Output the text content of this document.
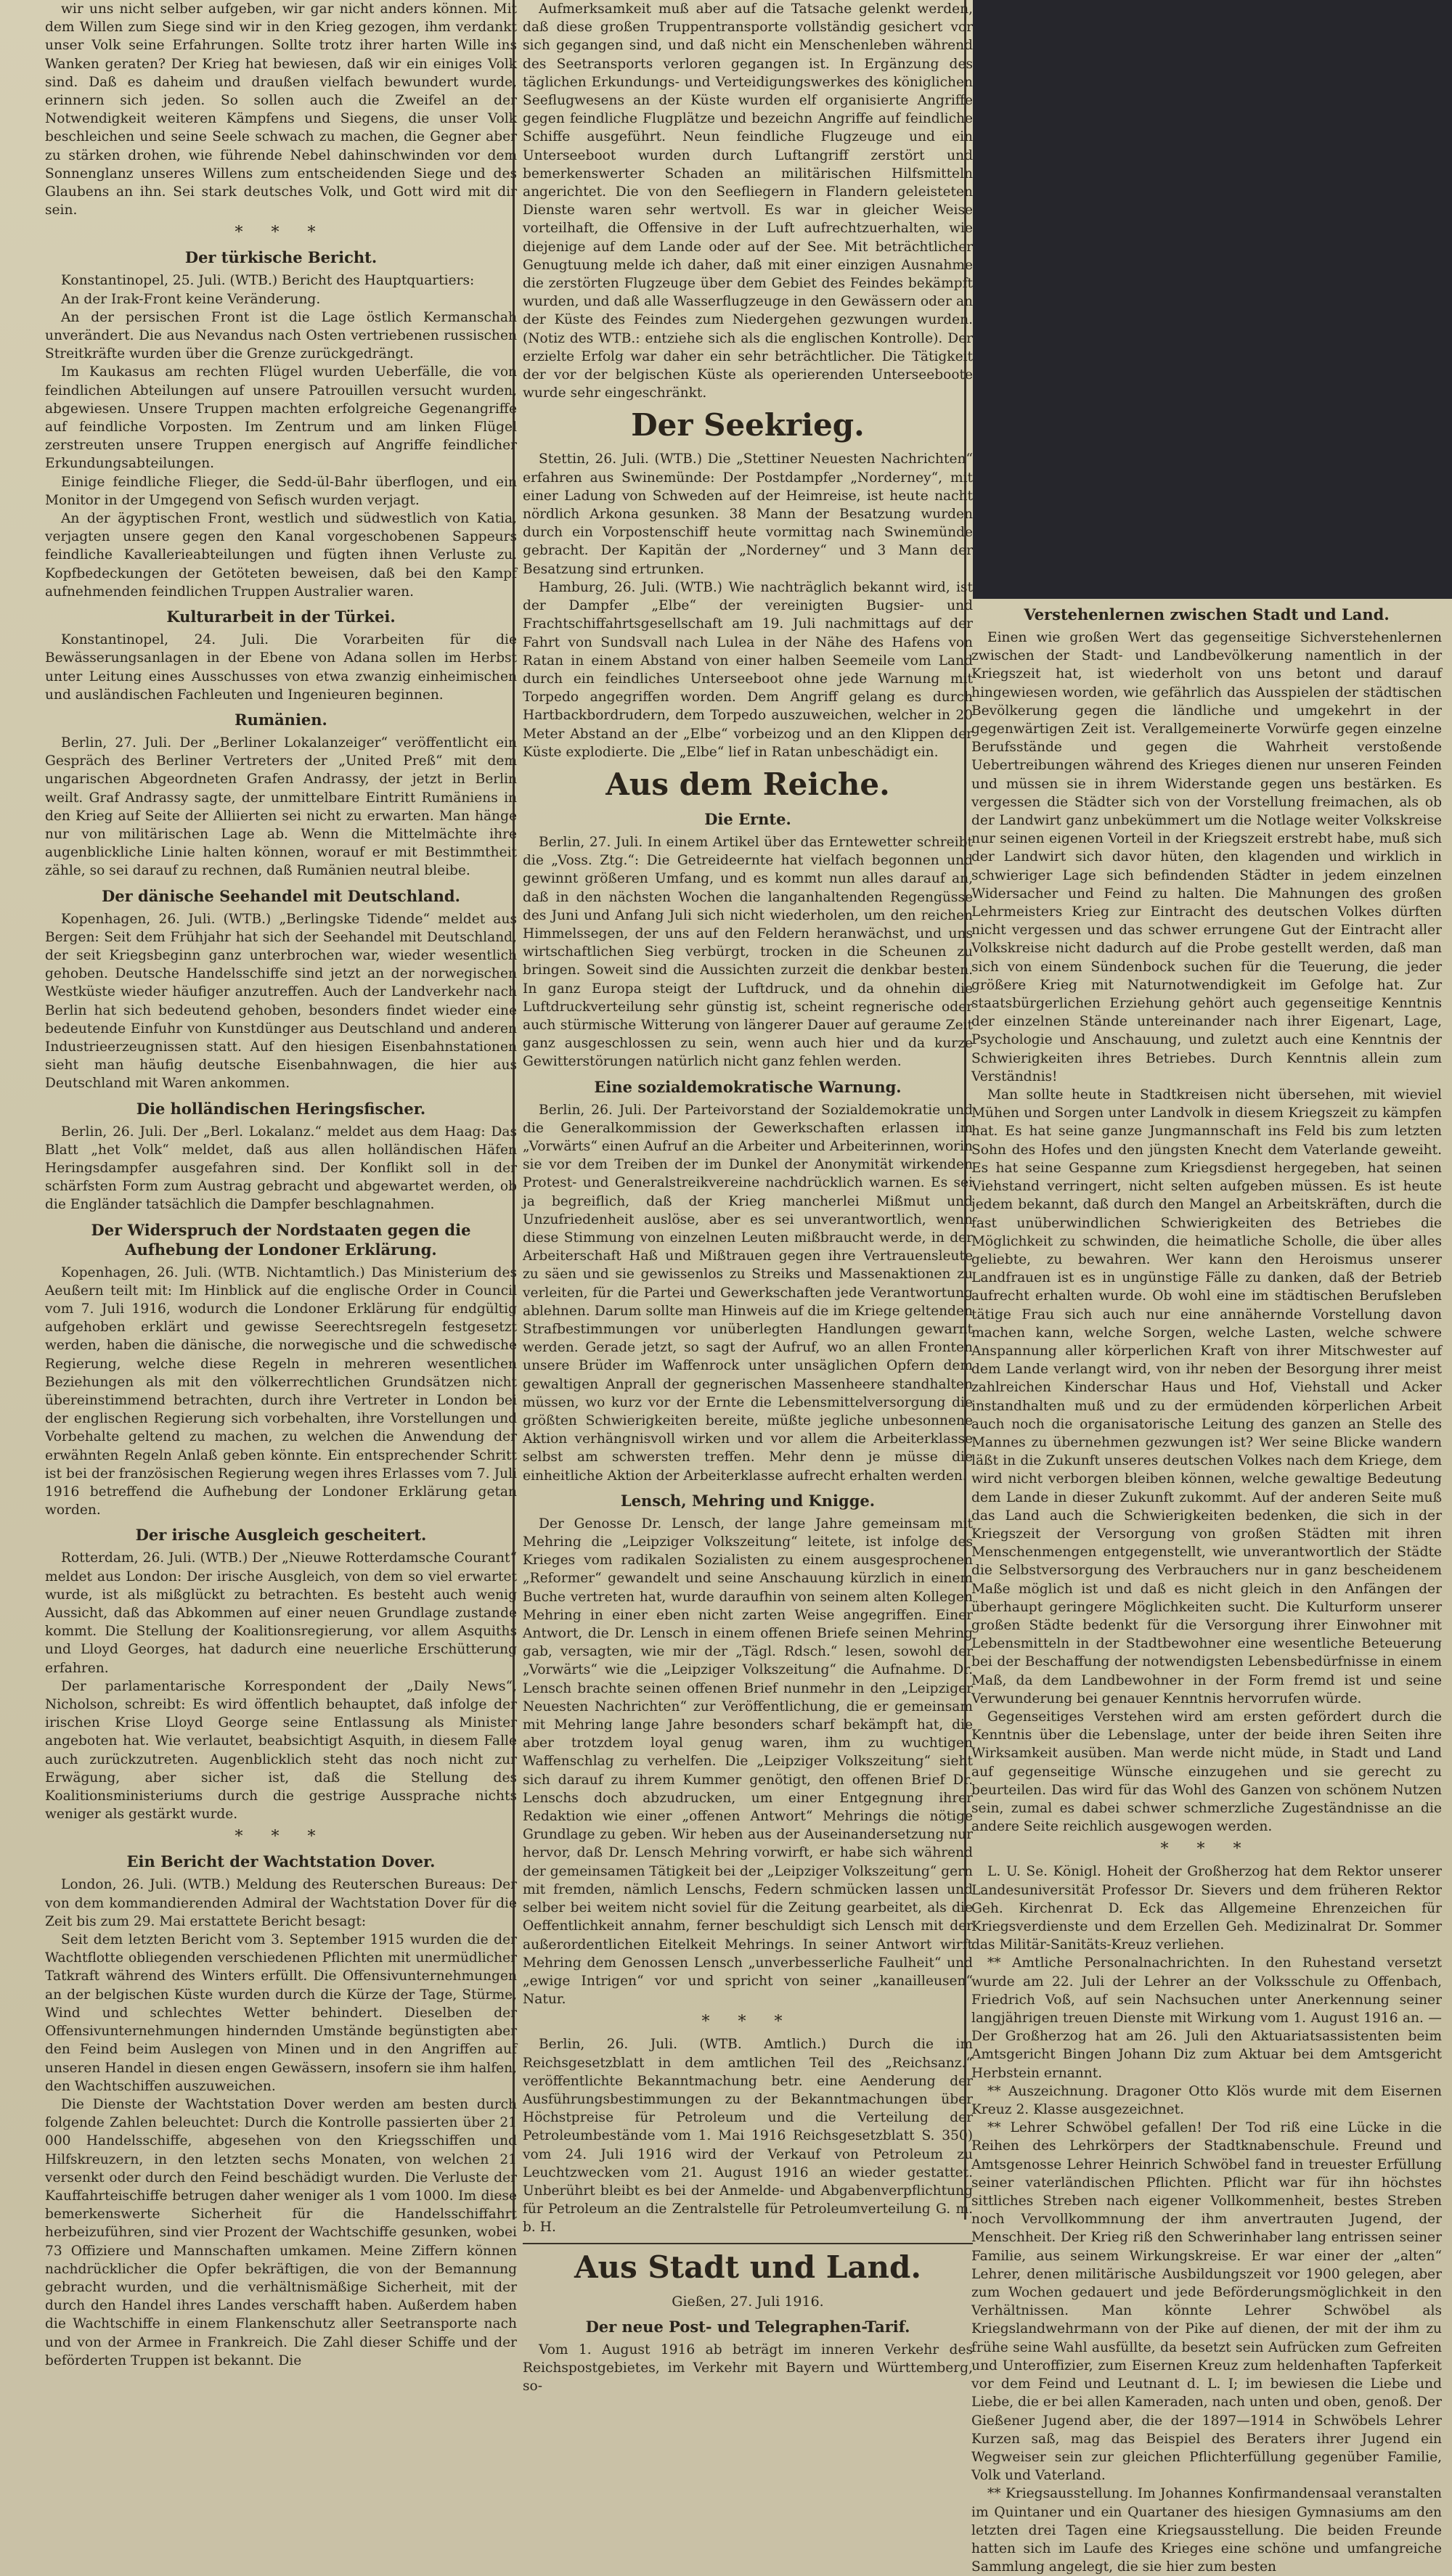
wir uns nicht selber aufgeben, wir gar nicht anders können. Mit dem Willen zum Siege sind wir in den Krieg gezogen, ihm verdankt unser Volk seine Erfahrungen. Sollte trotz ihrer harten Wille ins Wanken geraten? Der Krieg hat bewiesen, daß wir ein einiges Volk sind. Daß es daheim und draußen vielfach bewundert wurde, erinnern sich jeden. So sollen auch die Zweifel an der Notwendigkeit weiteren Kämpfens und Siegens, die unser Volk beschleichen und seine Seele schwach zu machen, die Gegner aber zu stärken drohen, wie führende Nebel dahinschwinden vor dem Sonnenglanz unseres Willens zum entscheidenden Siege und des Glaubens an ihn. Sei stark deutsches Volk, und Gott wird mit dir sein.
* * *
Der türkische Bericht.
Konstantinopel, 25. Juli. (WTB.) Bericht des Hauptquartiers:
An der Irak-Front keine Veränderung.
An der persischen Front ist die Lage östlich Kermanschah unverändert. Die aus Nevandus nach Osten vertriebenen russischen Streitkräfte wurden über die Grenze zurückgedrängt.
Im Kaukasus am rechten Flügel wurden Ueberfälle, die von feindlichen Abteilungen auf unsere Patrouillen versucht wurden, abgewiesen. Unsere Truppen machten erfolgreiche Gegenangriffe auf feindliche Vorposten. Im Zentrum und am linken Flügel zerstreuten unsere Truppen energisch auf Angriffe feindlicher Erkundungsabteilungen.
Einige feindliche Flieger, die Sedd-ül-Bahr überflogen, und ein Monitor in der Umgegend von Sefisch wurden verjagt.
An der ägyptischen Front, westlich und südwestlich von Katia, verjagten unsere gegen den Kanal vorgeschobenen Sappeurs feindliche Kavallerieabteilungen und fügten ihnen Verluste zu. Kopfbedeckungen der Getöteten beweisen, daß bei den Kampf aufnehmenden feindlichen Truppen Australier waren.
Kulturarbeit in der Türkei.
Konstantinopel, 24. Juli. Die Vorarbeiten für die Bewässerungsanlagen in der Ebene von Adana sollen im Herbst unter Leitung eines Ausschusses von etwa zwanzig einheimischen und ausländischen Fachleuten und Ingenieuren beginnen.
Rumänien.
Berlin, 27. Juli. Der „Berliner Lokalanzeiger“ veröffentlicht ein Gespräch des Berliner Vertreters der „United Preß“ mit dem ungarischen Abgeordneten Grafen Andrassy, der jetzt in Berlin weilt. Graf Andrassy sagte, der unmittelbare Eintritt Rumäniens in den Krieg auf Seite der Alliierten sei nicht zu erwarten. Man hänge nur von militärischen Lage ab. Wenn die Mittelmächte ihre augenblickliche Linie halten können, worauf er mit Bestimmtheit zähle, so sei darauf zu rechnen, daß Rumänien neutral bleibe.
Der dänische Seehandel mit Deutschland.
Kopenhagen, 26. Juli. (WTB.) „Berlingske Tidende“ meldet aus Bergen: Seit dem Frühjahr hat sich der Seehandel mit Deutschland, der seit Kriegsbeginn ganz unterbrochen war, wieder wesentlich gehoben. Deutsche Handelsschiffe sind jetzt an der norwegischen Westküste wieder häufiger anzutreffen. Auch der Landverkehr nach Berlin hat sich bedeutend gehoben, besonders findet wieder eine bedeutende Einfuhr von Kunstdünger aus Deutschland und anderen Industrieerzeugnissen statt. Auf den hiesigen Eisenbahnstationen sieht man häufig deutsche Eisenbahnwagen, die hier aus Deutschland mit Waren ankommen.
Die holländischen Heringsfischer.
Berlin, 26. Juli. Der „Berl. Lokalanz.“ meldet aus dem Haag: Das Blatt „het Volk“ meldet, daß aus allen holländischen Häfen Heringsdampfer ausgefahren sind. Der Konflikt soll in der schärfsten Form zum Austrag gebracht und abgewartet werden, ob die Engländer tatsächlich die Dampfer beschlagnahmen.
Der Widerspruch der Nordstaaten gegen die Aufhebung der Londoner Erklärung.
Kopenhagen, 26. Juli. (WTB. Nichtamtlich.) Das Ministerium des Aeußern teilt mit: Im Hinblick auf die englische Order in Council vom 7. Juli 1916, wodurch die Londoner Erklärung für endgültig aufgehoben erklärt und gewisse Seerechtsregeln festgesetzt werden, haben die dänische, die norwegische und die schwedische Regierung, welche diese Regeln in mehreren wesentlichen Beziehungen als mit den völkerrechtlichen Grundsätzen nicht übereinstimmend betrachten, durch ihre Vertreter in London bei der englischen Regierung sich vorbehalten, ihre Vorstellungen und Vorbehalte geltend zu machen, zu welchen die Anwendung der erwähnten Regeln Anlaß geben könnte. Ein entsprechender Schritt ist bei der französischen Regierung wegen ihres Erlasses vom 7. Juli 1916 betreffend die Aufhebung der Londoner Erklärung getan worden.
Der irische Ausgleich gescheitert.
Rotterdam, 26. Juli. (WTB.) Der „Nieuwe Rotterdamsche Courant“ meldet aus London: Der irische Ausgleich, von dem so viel erwartet wurde, ist als mißglückt zu betrachten. Es besteht auch wenig Aussicht, daß das Abkommen auf einer neuen Grundlage zustande kommt. Die Stellung der Koalitionsregierung, vor allem Asquiths und Lloyd Georges, hat dadurch eine neuerliche Erschütterung erfahren.
Der parlamentarische Korrespondent der „Daily News“, Nicholson, schreibt: Es wird öffentlich behauptet, daß infolge der irischen Krise Lloyd George seine Entlassung als Minister angeboten hat. Wie verlautet, beabsichtigt Asquith, in diesem Falle auch zurückzutreten. Augenblicklich steht das noch nicht zur Erwägung, aber sicher ist, daß die Stellung des Koalitionsministeriums durch die gestrige Aussprache nichts weniger als gestärkt wurde.
* * *
Ein Bericht der Wachtstation Dover.
London, 26. Juli. (WTB.) Meldung des Reuterschen Bureaus: Der von dem kommandierenden Admiral der Wachtstation Dover für die Zeit bis zum 29. Mai erstattete Bericht besagt:
Seit dem letzten Bericht vom 3. September 1915 wurden die der Wachtflotte obliegenden verschiedenen Pflichten mit unermüdlicher Tatkraft während des Winters erfüllt. Die Offensivunternehmungen an der belgischen Küste wurden durch die Kürze der Tage, Stürme, Wind und schlechtes Wetter behindert. Dieselben der Offensivunternehmungen hindernden Umstände begünstigten aber den Feind beim Auslegen von Minen und in den Angriffen auf unseren Handel in diesen engen Gewässern, insofern sie ihm halfen, den Wachtschiffen auszuweichen.
Die Dienste der Wachtstation Dover werden am besten durch folgende Zahlen beleuchtet: Durch die Kontrolle passierten über 21 000 Handelsschiffe, abgesehen von den Kriegsschiffen und Hilfskreuzern, in den letzten sechs Monaten, von welchen 21 versenkt oder durch den Feind beschädigt wurden. Die Verluste der Kauffahrteischiffe betrugen daher weniger als 1 vom 1000. Im diese bemerkenswerte Sicherheit für die Handelsschiffahrt herbeizuführen, sind vier Prozent der Wachtschiffe gesunken, wobei 73 Offiziere und Mannschaften umkamen. Meine Ziffern können nachdrücklicher die Opfer bekräftigen, die von der Bemannung gebracht wurden, und die verhältnismäßige Sicherheit, mit der durch den Handel ihres Landes verschafft haben. Außerdem haben die Wachtschiffe in einem Flankenschutz aller Seetransporte nach und von der Armee in Frankreich. Die Zahl dieser Schiffe und der beförderten Truppen ist bekannt. Die
Aufmerksamkeit muß aber auf die Tatsache gelenkt werden, daß diese großen Truppentransporte vollständig gesichert vor sich gegangen sind, und daß nicht ein Menschenleben während des Seetransports verloren gegangen ist. In Ergänzung des täglichen Erkundungs- und Verteidigungswerkes des königlichen Seeflugwesens an der Küste wurden elf organisierte Angriffe gegen feindliche Flugplätze und bezeichn Angriffe auf feindliche Schiffe ausgeführt. Neun feindliche Flugzeuge und ein Unterseeboot wurden durch Luftangriff zerstört und bemerkenswerter Schaden an militärischen Hilfsmitteln angerichtet. Die von den Seefliegern in Flandern geleisteten Dienste waren sehr wertvoll. Es war in gleicher Weise vorteilhaft, die Offensive in der Luft aufrechtzuerhalten, wie diejenige auf dem Lande oder auf der See. Mit beträchtlicher Genugtuung melde ich daher, daß mit einer einzigen Ausnahme die zerstörten Flugzeuge über dem Gebiet des Feindes bekämpft wurden, und daß alle Wasserflugzeuge in den Gewässern oder an der Küste des Feindes zum Niedergehen gezwungen wurden. (Notiz des WTB.: entziehe sich als die englischen Kontrolle). Der erzielte Erfolg war daher ein sehr beträchtlicher. Die Tätigkeit der vor der belgischen Küste als operierenden Unterseeboote wurde sehr eingeschränkt.
Der Seekrieg.
Stettin, 26. Juli. (WTB.) Die „Stettiner Neuesten Nachrichten“ erfahren aus Swinemünde: Der Postdampfer „Norderney“, mit einer Ladung von Schweden auf der Heimreise, ist heute nacht nördlich Arkona gesunken. 38 Mann der Besatzung wurden durch ein Vorpostenschiff heute vormittag nach Swinemünde gebracht. Der Kapitän der „Norderney“ und 3 Mann der Besatzung sind ertrunken.
Hamburg, 26. Juli. (WTB.) Wie nachträglich bekannt wird, ist der Dampfer „Elbe“ der vereinigten Bugsier- und Frachtschiffahrtsgesellschaft am 19. Juli nachmittags auf der Fahrt von Sundsvall nach Lulea in der Nähe des Hafens von Ratan in einem Abstand von einer halben Seemeile vom Land durch ein feindliches Unterseeboot ohne jede Warnung mit Torpedo angegriffen worden. Dem Angriff gelang es durch Hartbackbordrudern, dem Torpedo auszuweichen, welcher in 20 Meter Abstand an der „Elbe“ vorbeizog und an den Klippen der Küste explodierte. Die „Elbe“ lief in Ratan unbeschädigt ein.
Aus dem Reiche.
Die Ernte.
Berlin, 27. Juli. In einem Artikel über das Erntewetter schreibt die „Voss. Ztg.“: Die Getreideernte hat vielfach begonnen und gewinnt größeren Umfang, und es kommt nun alles darauf an, daß in den nächsten Wochen die langanhaltenden Regengüsse des Juni und Anfang Juli sich nicht wiederholen, um den reichen Himmelssegen, der uns auf den Feldern heranwächst, und uns wirtschaftlichen Sieg verbürgt, trocken in die Scheunen zu bringen. Soweit sind die Aussichten zurzeit die denkbar besten. In ganz Europa steigt der Luftdruck, und da ohnehin die Luftdruckverteilung sehr günstig ist, scheint regnerische oder auch stürmische Witterung von längerer Dauer auf geraume Zeit ganz ausgeschlossen zu sein, wenn auch hier und da kurze Gewitterstörungen natürlich nicht ganz fehlen werden.
Eine sozialdemokratische Warnung.
Berlin, 26. Juli. Der Parteivorstand der Sozialdemokratie und die Generalkommission der Gewerkschaften erlassen im „Vorwärts“ einen Aufruf an die Arbeiter und Arbeiterinnen, worin sie vor dem Treiben der im Dunkel der Anonymität wirkenden Protest- und Generalstreikvereine nachdrücklich warnen. Es sei ja begreiflich, daß der Krieg mancherlei Mißmut und Unzufriedenheit auslöse, aber es sei unverantwortlich, wenn diese Stimmung von einzelnen Leuten mißbraucht werde, in der Arbeiterschaft Haß und Mißtrauen gegen ihre Vertrauensleute zu säen und sie gewissenlos zu Streiks und Massenaktionen zu verleiten, für die Partei und Gewerkschaften jede Verantwortung ablehnen. Darum sollte man Hinweis auf die im Kriege geltenden Strafbestimmungen vor unüberlegten Handlungen gewarnt werden. Gerade jetzt, so sagt der Aufruf, wo an allen Fronten unsere Brüder im Waffenrock unter unsäglichen Opfern dem gewaltigen Anprall der gegnerischen Massenheere standhalten müssen, wo kurz vor der Ernte die Lebensmittelversorgung die größten Schwierigkeiten bereite, müßte jegliche unbesonnene Aktion verhängnisvoll wirken und vor allem die Arbeiterklasse selbst am schwersten treffen. Mehr denn je müsse die einheitliche Aktion der Arbeiterklasse aufrecht erhalten werden.
Lensch, Mehring und Knigge.
Der Genosse Dr. Lensch, der lange Jahre gemeinsam mit Mehring die „Leipziger Volkszeitung“ leitete, ist infolge des Krieges vom radikalen Sozialisten zu einem ausgesprochenen „Reformer“ gewandelt und seine Anschauung kürzlich in einem Buche vertreten hat, wurde daraufhin von seinem alten Kollegen Mehring in einer eben nicht zarten Weise angegriffen. Einer Antwort, die Dr. Lensch in einem offenen Briefe seinen Mehring gab, versagten, wie mir der „Tägl. Rdsch.“ lesen, sowohl der „Vorwärts“ wie die „Leipziger Volkszeitung“ die Aufnahme. Dr. Lensch brachte seinen offenen Brief nunmehr in den „Leipziger Neuesten Nachrichten“ zur Veröffentlichung, die er gemeinsam mit Mehring lange Jahre besonders scharf bekämpft hat, die aber trotzdem loyal genug waren, ihm zu wuchtigen Waffenschlag zu verhelfen. Die „Leipziger Volkszeitung“ sieht sich darauf zu ihrem Kummer genötigt, den offenen Brief Dr. Lenschs doch abzudrucken, um einer Entgegnung ihrer Redaktion wie einer „offenen Antwort“ Mehrings die nötige Grundlage zu geben. Wir heben aus der Auseinandersetzung nur hervor, daß Dr. Lensch Mehring vorwirft, er habe sich während der gemeinsamen Tätigkeit bei der „Leipziger Volkszeitung“ gern mit fremden, nämlich Lenschs, Federn schmücken lassen und selber bei weitem nicht soviel für die Zeitung gearbeitet, als die Oeffentlichkeit annahm, ferner beschuldigt sich Lensch mit der außerordentlichen Eitelkeit Mehrings. In seiner Antwort wirft Mehring dem Genossen Lensch „unverbesserliche Faulheit“ und „ewige Intrigen“ vor und spricht von seiner „kanailleusen“ Natur.
* * *
Berlin, 26. Juli. (WTB. Amtlich.) Durch die im Reichsgesetzblatt in dem amtlichen Teil des „Reichsanz.“ veröffentlichte Bekanntmachung betr. eine Aenderung der Ausführungsbestimmungen zu der Bekanntmachungen über Höchstpreise für Petroleum und die Verteilung der Petroleumbestände vom 1. Mai 1916 Reichsgesetzblatt S. 350) vom 24. Juli 1916 wird der Verkauf von Petroleum zu Leuchtzwecken vom 21. August 1916 an wieder gestattet. Unberührt bleibt es bei der Anmelde- und Abgabenverpflichtung für Petroleum an die Zentralstelle für Petroleumverteilung G. m. b. H.
Aus Stadt und Land.
Gießen, 27. Juli 1916.
Der neue Post- und Telegraphen-Tarif.
Vom 1. August 1916 ab beträgt im inneren Verkehr des Reichspostgebietes, im Verkehr mit Bayern und Württemberg, so-
Verstehenlernen zwischen Stadt und Land.
Einen wie großen Wert das gegenseitige Sichverstehenlernen zwischen der Stadt- und Landbevölkerung namentlich in der Kriegszeit hat, ist wiederholt von uns betont und darauf hingewiesen worden, wie gefährlich das Ausspielen der städtischen Bevölkerung gegen die ländliche und umgekehrt in der gegenwärtigen Zeit ist. Verallgemeinerte Vorwürfe gegen einzelne Berufsstände und gegen die Wahrheit verstoßende Uebertreibungen während des Krieges dienen nur unseren Feinden und müssen sie in ihrem Widerstande gegen uns bestärken. Es vergessen die Städter sich von der Vorstellung freimachen, als ob der Landwirt ganz unbekümmert um die Notlage weiter Volkskreise nur seinen eigenen Vorteil in der Kriegszeit erstrebt habe, muß sich der Landwirt sich davor hüten, den klagenden und wirklich in schwieriger Lage sich befindenden Städter in jedem einzelnen Widersacher und Feind zu halten. Die Mahnungen des großen Lehrmeisters Krieg zur Eintracht des deutschen Volkes dürften nicht vergessen und das schwer errungene Gut der Eintracht aller Volkskreise nicht dadurch auf die Probe gestellt werden, daß man sich von einem Sündenbock suchen für die Teuerung, die jeder größere Krieg mit Naturnotwendigkeit im Gefolge hat. Zur staatsbürgerlichen Erziehung gehört auch gegenseitige Kenntnis der einzelnen Stände untereinander nach ihrer Eigenart, Lage, Psychologie und Anschauung, und zuletzt auch eine Kenntnis der Schwierigkeiten ihres Betriebes. Durch Kenntnis allein zum Verständnis!
Man sollte heute in Stadtkreisen nicht übersehen, mit wieviel Mühen und Sorgen unter Landvolk in diesem Kriegszeit zu kämpfen hat. Es hat seine ganze Jungmannschaft ins Feld bis zum letzten Sohn des Hofes und den jüngsten Knecht dem Vaterlande geweiht. Es hat seine Gespanne zum Kriegsdienst hergegeben, hat seinen Viehstand verringert, nicht selten aufgeben müssen. Es ist heute jedem bekannt, daß durch den Mangel an Arbeitskräften, durch die fast unüberwindlichen Schwierigkeiten des Betriebes die Möglichkeit zu schwinden, die heimatliche Scholle, die über alles geliebte, zu bewahren. Wer kann den Heroismus unserer Landfrauen ist es in ungünstige Fälle zu danken, daß der Betrieb aufrecht erhalten wurde. Ob wohl eine im städtischen Berufsleben tätige Frau sich auch nur eine annähernde Vorstellung davon machen kann, welche Sorgen, welche Lasten, welche schwere Anspannung aller körperlichen Kraft von ihrer Mitschwester auf dem Lande verlangt wird, von ihr neben der Besorgung ihrer meist zahlreichen Kinderschar Haus und Hof, Viehstall und Acker instandhalten muß und zu der ermüdenden körperlichen Arbeit auch noch die organisatorische Leitung des ganzen an Stelle des Mannes zu übernehmen gezwungen ist? Wer seine Blicke wandern läßt in die Zukunft unseres deutschen Volkes nach dem Kriege, dem wird nicht verborgen bleiben können, welche gewaltige Bedeutung dem Lande in dieser Zukunft zukommt. Auf der anderen Seite muß das Land auch die Schwierigkeiten bedenken, die sich in der Kriegszeit der Versorgung von großen Städten mit ihren Menschenmengen entgegenstellt, wie unverantwortlich der Städte die Selbstversorgung des Verbrauchers nur in ganz bescheidenem Maße möglich ist und daß es nicht gleich in den Anfängen der überhaupt geringere Möglichkeiten sucht. Die Kulturform unserer großen Städte bedenkt für die Versorgung ihrer Einwohner mit Lebensmitteln in der Stadtbewohner eine wesentliche Beteuerung bei der Beschaffung der notwendigsten Lebensbedürfnisse in einem Maß, da dem Landbewohner in der Form fremd ist und seine Verwunderung bei genauer Kenntnis hervorrufen würde.
Gegenseitiges Verstehen wird am ersten gefördert durch die Kenntnis über die Lebenslage, unter der beide ihren Seiten ihre Wirksamkeit ausüben. Man werde nicht müde, in Stadt und Land auf gegenseitige Wünsche einzugehen und sie gerecht zu beurteilen. Das wird für das Wohl des Ganzen von schönem Nutzen sein, zumal es dabei schwer schmerzliche Zugeständnisse an die andere Seite reichlich ausgewogen werden.
* * *
L. U. Se. Königl. Hoheit der Großherzog hat dem Rektor unserer Landesuniversität Professor Dr. Sievers und dem früheren Rektor Geh. Kirchenrat D. Eck das Allgemeine Ehrenzeichen für Kriegsverdienste und dem Erzellen Geh. Medizinalrat Dr. Sommer das Militär-Sanitäts-Kreuz verliehen.
** Amtliche Personalnachrichten. In den Ruhestand versetzt wurde am 22. Juli der Lehrer an der Volksschule zu Offenbach, Friedrich Voß, auf sein Nachsuchen unter Anerkennung seiner langjährigen treuen Dienste mit Wirkung vom 1. August 1916 an. — Der Großherzog hat am 26. Juli den Aktuariatsassistenten beim Amtsgericht Bingen Johann Diz zum Aktuar bei dem Amtsgericht Herbstein ernannt.
** Auszeichnung. Dragoner Otto Klös wurde mit dem Eisernen Kreuz 2. Klasse ausgezeichnet.
** Lehrer Schwöbel gefallen! Der Tod riß eine Lücke in die Reihen des Lehrkörpers der Stadtknabenschule. Freund und Amtsgenosse Lehrer Heinrich Schwöbel fand in treuester Erfüllung seiner vaterländischen Pflichten. Pflicht war für ihn höchstes sittliches Streben nach eigener Vollkommenheit, bestes Streben noch Vervollkommnung der ihm anvertrauten Jugend, der Menschheit. Der Krieg riß den Schwerinhaber lang entrissen seiner Familie, aus seinem Wirkungskreise. Er war einer der „alten“ Lehrer, denen militärische Ausbildungszeit vor 1900 gelegen, aber zum Wochen gedauert und jede Beförderungsmöglichkeit in den Verhältnissen. Man könnte Lehrer Schwöbel als Kriegslandwehrmann von der Pike auf dienen, der mit der ihm zu frühe seine Wahl ausfüllte, da besetzt sein Aufrücken zum Gefreiten und Unteroffizier, zum Eisernen Kreuz zum heldenhaften Tapferkeit vor dem Feind und Leutnant d. L. I; im bewiesen die Liebe und Liebe, die er bei allen Kameraden, nach unten und oben, genoß. Der Gießener Jugend aber, die der 1897—1914 in Schwöbels Lehrer Kurzen saß, mag das Beispiel des Beraters ihrer Jugend ein Wegweiser sein zur gleichen Pflichterfüllung gegenüber Familie, Volk und Vaterland.
** Kriegsausstellung. Im Johannes Konfirmandensaal veranstalten im Quintaner und ein Quartaner des hiesigen Gymnasiums am den letzten drei Tagen eine Kriegsausstellung. Die beiden Freunde hatten sich im Laufe des Krieges eine schöne und umfangreiche Sammlung angelegt, die sie hier zum besten
